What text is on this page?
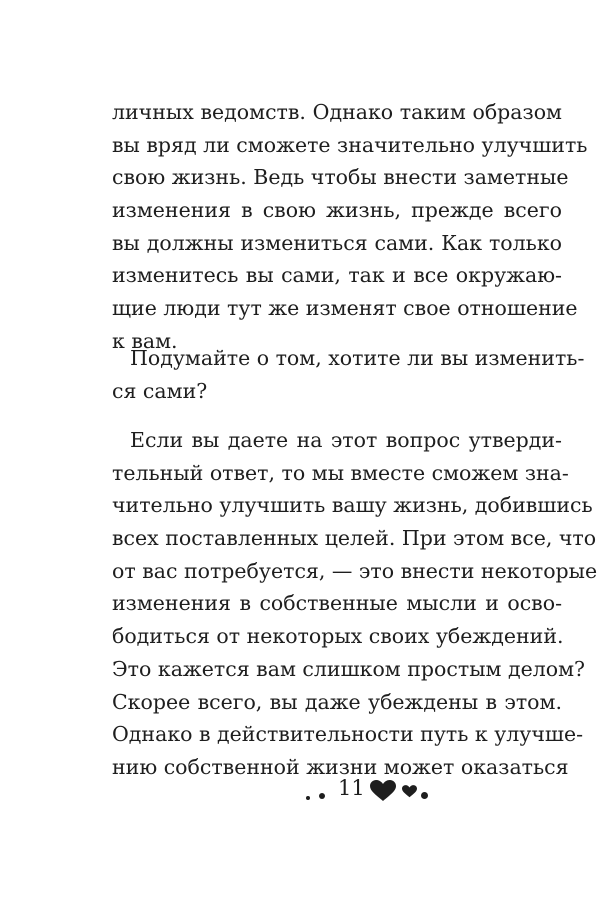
личных ведомств. Однако таким образом
вы вряд ли сможете значительно улучшить
свою жизнь. Ведь чтобы внести заметные
изменения в свою жизнь, прежде всего
вы должны измениться сами. Как только
изменитесь вы сами, так и все окружаю-
щие люди тут же изменят свое отношение
к вам.
Подумайте о том, хотите ли вы изменить-
ся сами?
Если вы даете на этот вопрос утверди-
тельный ответ, то мы вместе сможем зна-
чительно улучшить вашу жизнь, добившись
всех поставленных целей. При этом все, что
от вас потребуется, — это внести некоторые
изменения в собственные мысли и осво-
бодиться от некоторых своих убеждений.
Это кажется вам слишком простым делом?
Скорее всего, вы даже убеждены в этом.
Однако в действительности путь к улучше-
нию собственной жизни может оказаться
11
